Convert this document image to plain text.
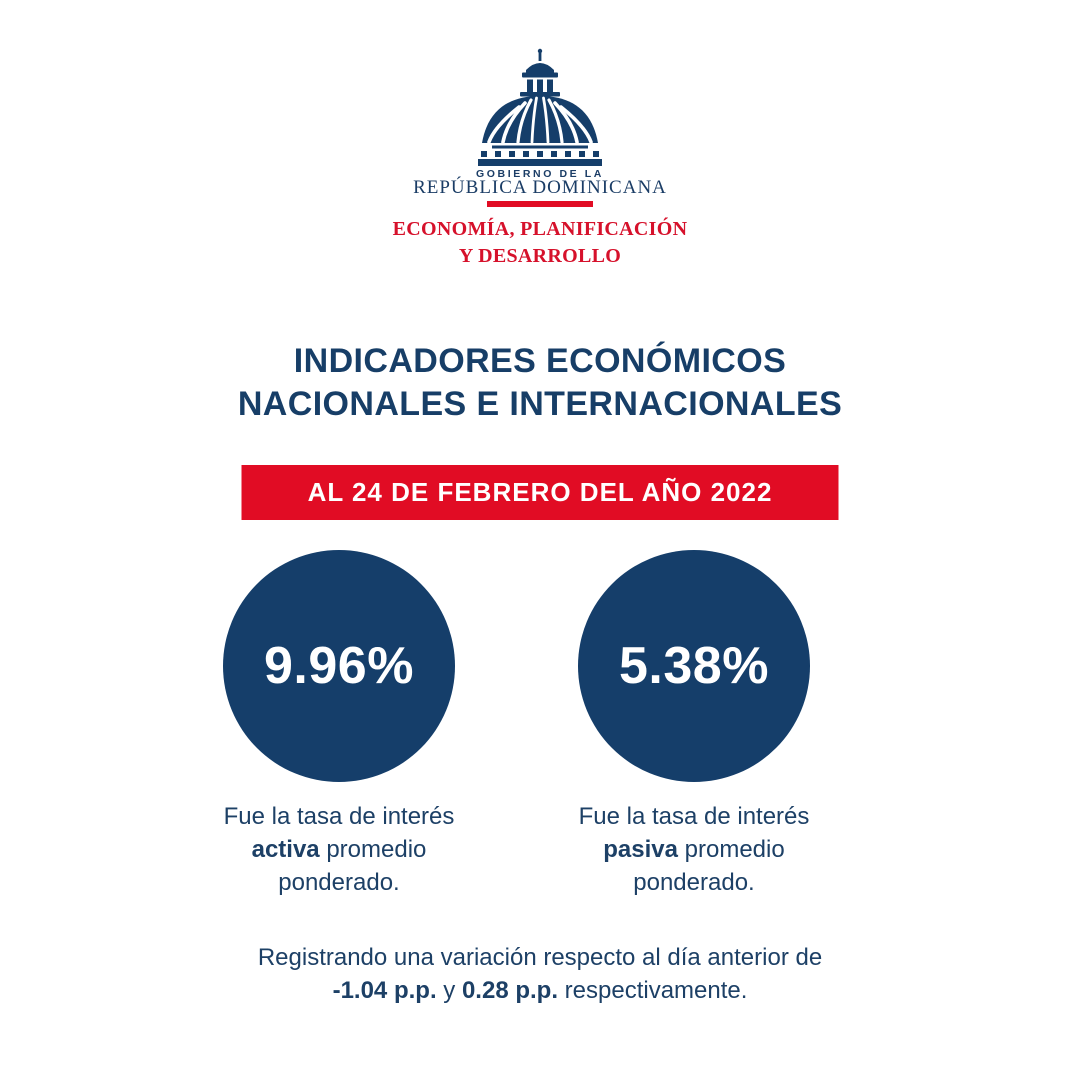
GOBIERNO DE LA
REPÚBLICA DOMINICANA
ECONOMÍA, PLANIFICACIÓN
Y DESARROLLO
INDICADORES ECONÓMICOS
NACIONALES E INTERNACIONALES
AL 24 DE FEBRERO DEL AÑO 2022
9.96%	5.38%
Fue la tasa de interés
activa promedio
ponderado.
Fue la tasa de interés
pasiva promedio
ponderado.
Registrando una variación respecto al día anterior de
-1.04 p.p. y 0.28 p.p. respectivamente.
